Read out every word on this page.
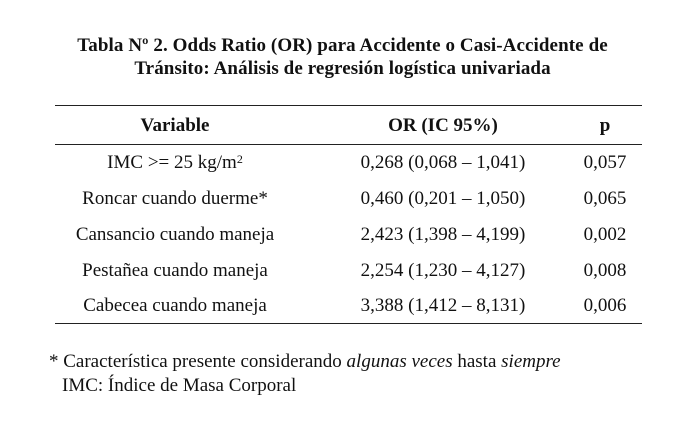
Tabla Nº 2. Odds Ratio (OR) para Accidente o Casi-Accidente de
Tránsito: Análisis de regresión logística univariada
Variable	OR (IC 95%)	p
IMC >= 25 $kg/m^2$	0,268 (0,068 – 1,041)	0,057
Roncar cuando duerme*	0,460 (0,201 – 1,050)	0,065
Cansancio cuando maneja	2,423 (1,398 – 4,199)	0,002
Pestañea cuando maneja	2,254 (1,230 – 4,127)	0,008
Cabecea cuando maneja	3,388 (1,412 – 8,131)	0,006
* Característica presente considerando algunas veces hasta siempre
IMC: Índice de Masa Corporal
